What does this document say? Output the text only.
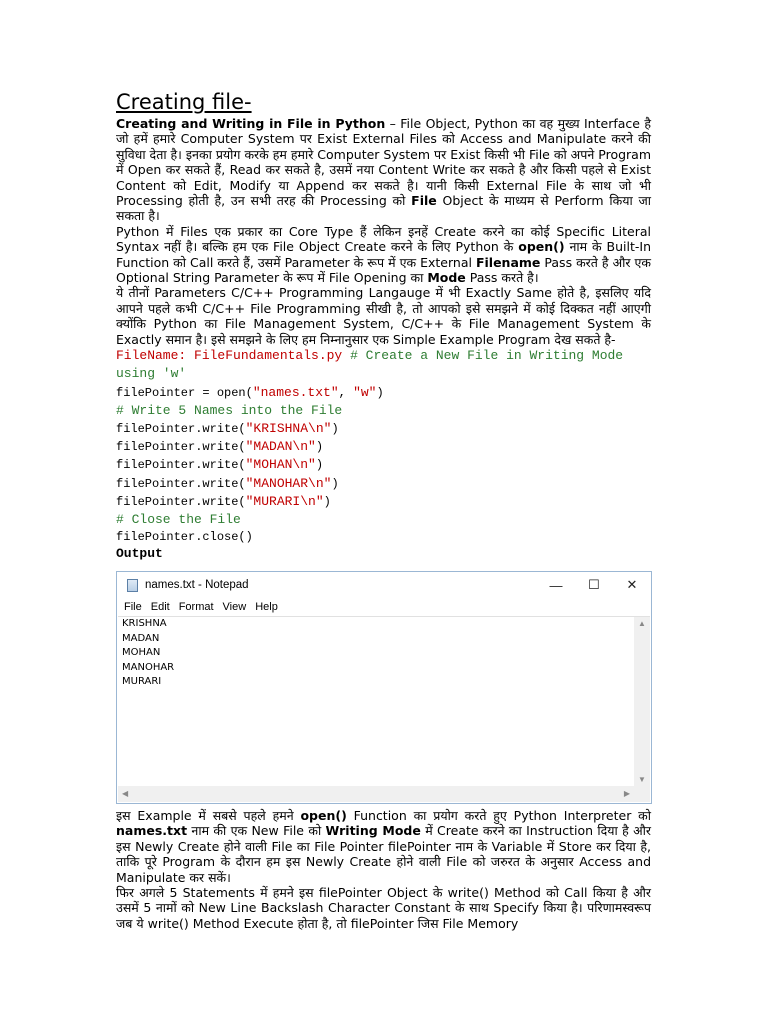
Creating file-

Creating and Writing in File in Python – File Object, Python का वह मुख्य Interface है जो हमें हमारे Computer System पर Exist External Files को Access and Manipulate करने की सुविधा देता है। इनका प्रयोग करके हम हमारे Computer System पर Exist किसी भी File को अपने Program में Open कर सकते हैं, Read कर सकते है, उसमें नया Content Write कर सकते है और किसी पहले से Exist Content को Edit, Modify या Append कर सकते है। यानी किसी External File के साथ जो भी Processing होती है, उन सभी तरह की Processing को File Object के माध्यम से Perform किया जा सकता है।

Python में Files एक प्रकार का Core Type हैं लेकिन इनहें Create करने का कोई Specific Literal Syntax नहीं है। बल्कि हम एक File Object Create करने के लिए Python के open() नाम के Built-In Function को Call करते हैं, उसमें Parameter के रूप में एक External Filename Pass करते है और एक Optional String Parameter के रूप में File Opening का Mode Pass करते है।

ये तीनों Parameters C/C++ Programming Langauge में भी Exactly Same होते है, इसलिए यदि आपने पहले कभी C/C++ File Programming सीखी है, तो आपको इसे समझने में कोई दिक्कत नहीं आएगी क्योंकि Python का File Management System, C/C++ के File Management System के Exactly समान है। इसे समझने के लिए हम निम्नानुसार एक Simple Example Program देख सकते है-

FileName: FileFundamentals.py # Create a New File in Writing Mode
using 'w'
filePointer = open("names.txt", "w")
# Write 5 Names into the File
filePointer.write("KRISHNA\n")
filePointer.write("MADAN\n")
filePointer.write("MOHAN\n")
filePointer.write("MANOHAR\n")
filePointer.write("MURARI\n")
# Close the File
filePointer.close()

Output

names.txt - Notepad	—	☐	✕
File Edit Format View Help
KRISHNA
MADAN
MOHAN
MANOHAR
MURARI
▲
▼
◀	▶

इस Example में सबसे पहले हमने open() Function का प्रयोग करते हुए Python Interpreter को names.txt नाम की एक New File को Writing Mode में Create करने का Instruction दिया है और इस Newly Create होने वाली File का File Pointer filePointer नाम के Variable में Store कर दिया है, ताकि पूरे Program के दौरान हम इस Newly Create होने वाली File को जरुरत के अनुसार Access and Manipulate कर सकें।

फिर अगले 5 Statements में हमने इस filePointer Object के write() Method को Call किया है और उसमें 5 नामों को New Line Backslash Character Constant के साथ Specify किया है। परिणामस्वरूप जब ये write() Method Execute होता है, तो filePointer जिस File Memory
